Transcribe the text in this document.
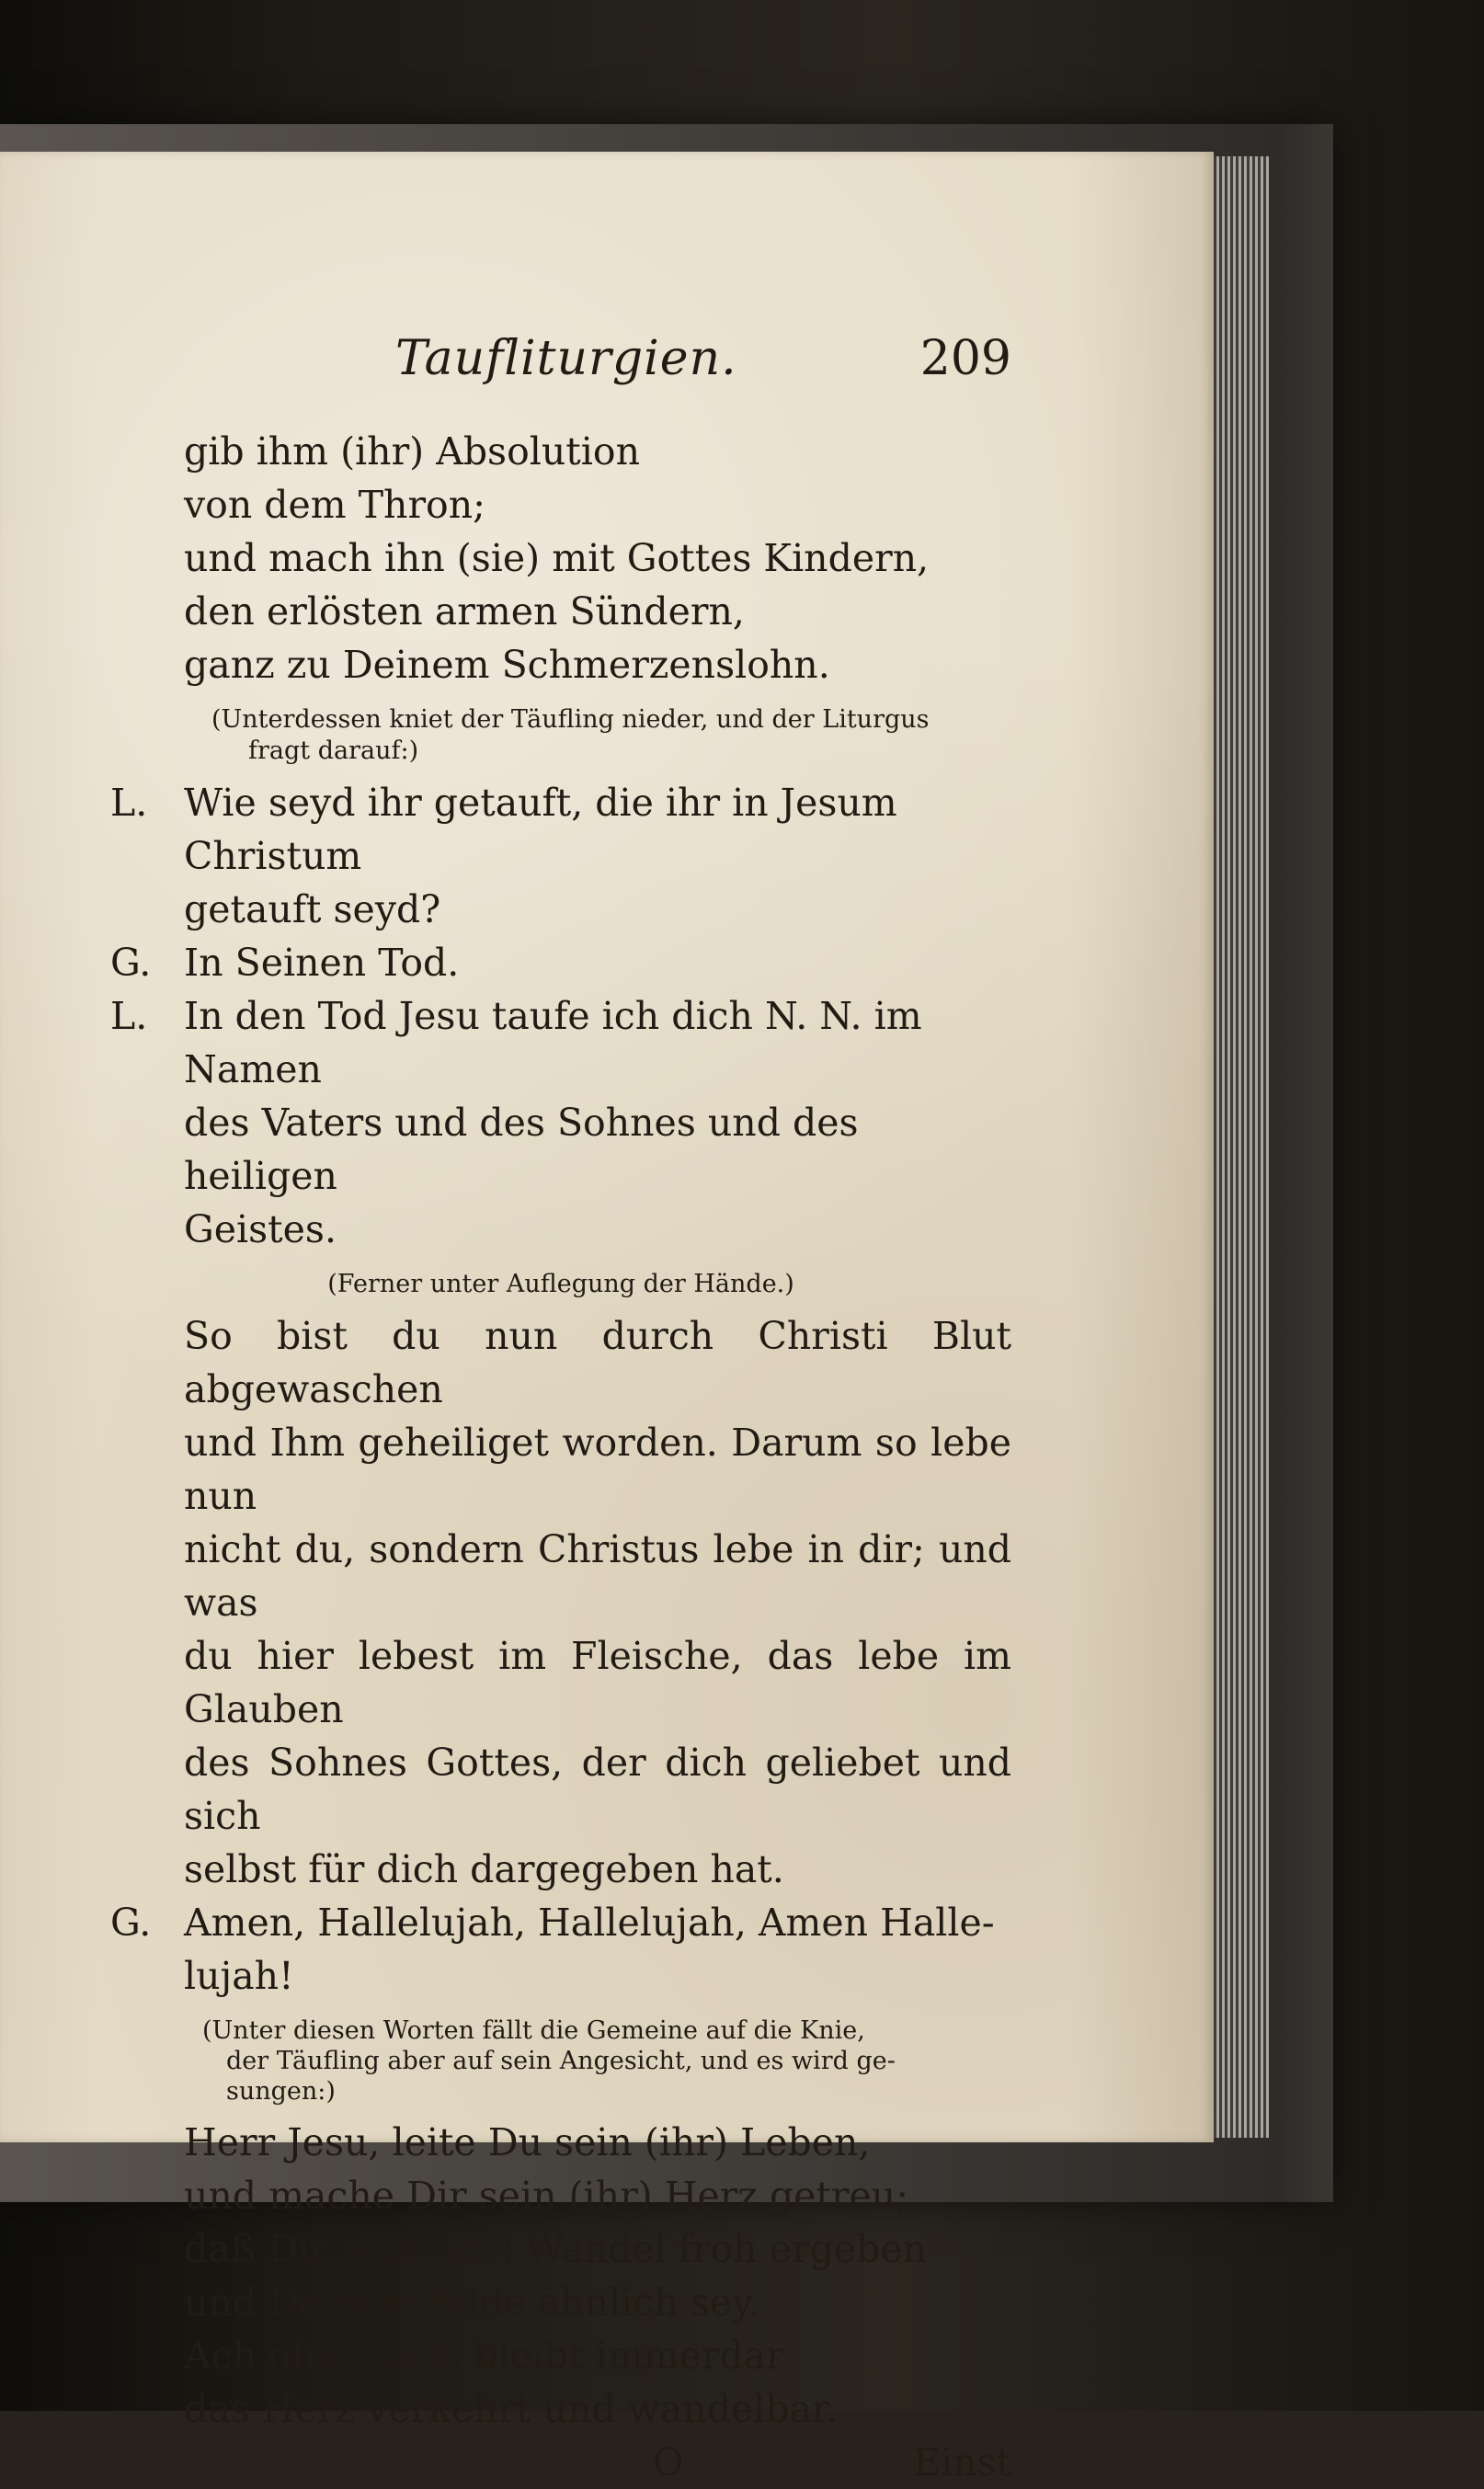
Taufliturgien.	209

gib ihm (ihr) Absolution

von dem Thron;

und mach ihn (sie) mit Gottes Kindern,

den erlösten armen Sündern,

ganz zu Deinem Schmerzenslohn.

(Unterdessen kniet der Täufling nieder, und der Liturgus
fragt darauf:)
L. Wie seyd ihr getauft, die ihr in Jesum Christum
getauft seyd?
G. In Seinen Tod.
L. In den Tod Jesu taufe ich dich N. N. im Namen
des Vaters und des Sohnes und des heiligen
Geistes.
(Ferner unter Auflegung der Hände.)

So bist du nun durch Christi Blut abgewaschen

und Ihm geheiliget worden. Darum so lebe nun

nicht du, sondern Christus lebe in dir; und was

du hier lebest im Fleische, das lebe im Glauben

des Sohnes Gottes, der dich geliebet und sich

selbst für dich dargegeben hat.

G. Amen, Hallelujah, Hallelujah, Amen Halle-
lujah!
(Unter diesen Worten fällt die Gemeine auf die Knie,
der Täufling aber auf sein Angesicht, und es wird ge-
sungen:)

Herr Jesu, leite Du sein (ihr) Leben,

und mache Dir sein (ihr) Herz getreu;

daß Dir sein (ihr) Wandel froh ergeben

und Deinem Bilde ähnlich sey.

Ach ohne Dich bleibt immerdar

das Herz verkehrt und wandelbar.

O	Einst
